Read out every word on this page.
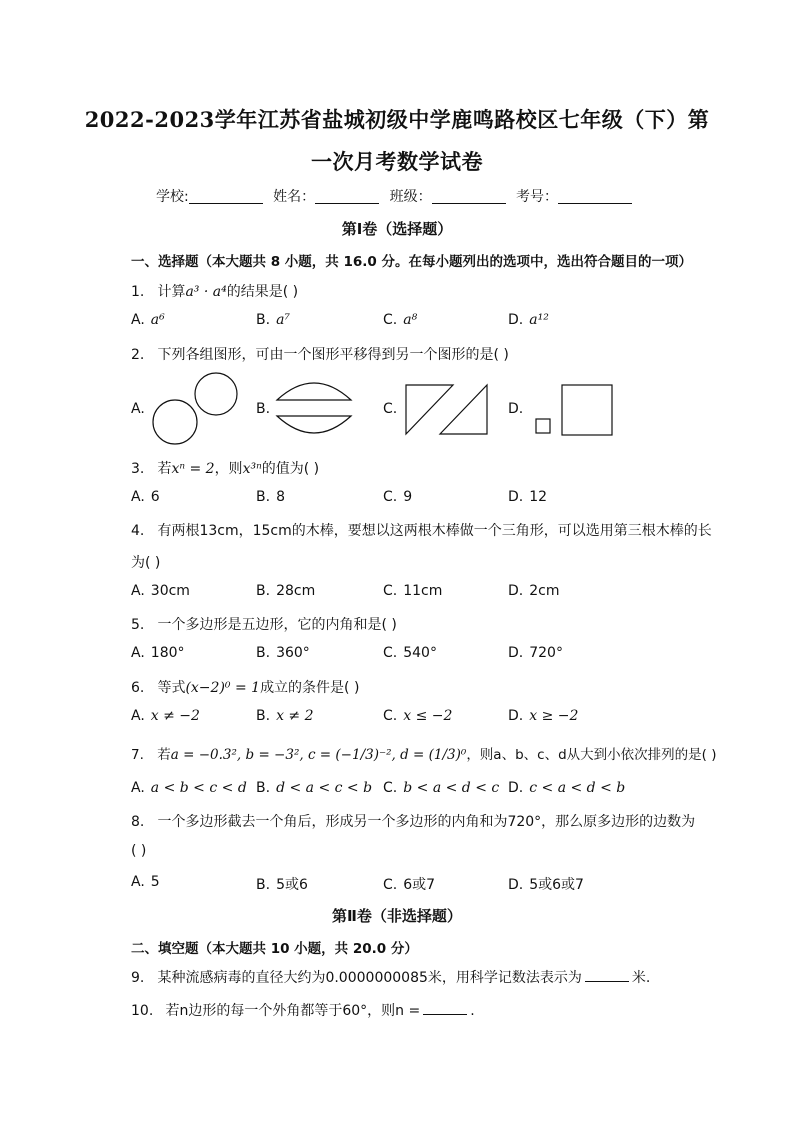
2022-2023学年江苏省盐城初级中学鹿鸣路校区七年级（下）第
一次月考数学试卷
学校:	姓名：	班级：	考号：
第Ⅰ卷（选择题）
一、选择题（本大题共 8 小题，共 16.0 分。在每小题列出的选项中，选出符合题目的一项）
1. 计算a³ · a⁴的结果是( )
A. a⁶	B. a⁷	C. a⁸	D. a¹²
2. 下列各组图形，可由一个图形平移得到另一个图形的是( )
A.	B.	C.	D.
3. 若xⁿ = 2，则x³ⁿ的值为( )
A. 6	B. 8	C. 9	D. 12
4. 有两根13cm，15cm的木棒，要想以这两根木棒做一个三角形，可以选用第三根木棒的长
为( )
A. 30cm	B. 28cm	C. 11cm	D. 2cm
5. 一个多边形是五边形，它的内角和是( )
A. 180°	B. 360°	C. 540°	D. 720°
6. 等式(x−2)⁰ = 1成立的条件是( )
A. x ≠ −2	B. x ≠ 2	C. x ≤ −2	D. x ≥ −2
7. 若a = −0.3², b = −3², c = (−1/3)⁻², d = (1/3)⁰，则a、b、c、d从大到小依次排列的是( )
A. a < b < c < d B. d < a < c < b C. b < a < d < c D. c < a < d < b
8. 一个多边形截去一个角后，形成另一个多边形的内角和为720°，那么原多边形的边数为
( )
A. 5	B. 5或6	C. 6或7	D. 5或6或7
第Ⅱ卷（非选择题）
二、填空题（本大题共 10 小题，共 20.0 分）
9. 某种流感病毒的直径大约为0.0000000085米，用科学记数法表示为	米.
10. 若n边形的每一个外角都等于60°，则n =	.
